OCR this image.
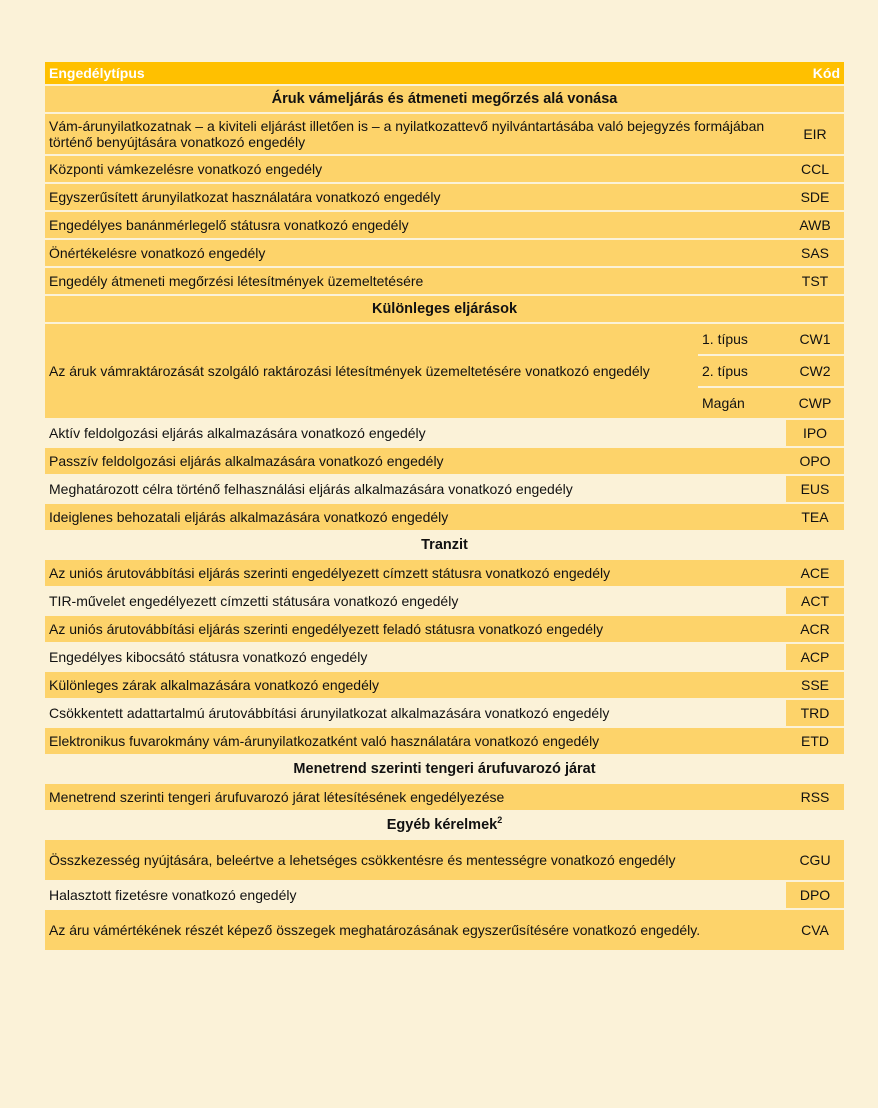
Engedélytípus		Kód
Áruk vámeljárás és átmeneti megőrzés alá vonása		
Vám-árunyilatkozatnak – a kiviteli eljárást illetően is – a nyilatkozattevő nyilvántartásába való bejegyzés formájában történő benyújtására vonatkozó engedély		EIR
Központi vámkezelésre vonatkozó engedély		CCL
Egyszerűsített árunyilatkozat használatára vonatkozó engedély		SDE
Engedélyes banánmérlegelő státusra vonatkozó engedély		AWB
Önértékelésre vonatkozó engedély		SAS
Engedély átmeneti megőrzési létesítmények üzemeltetésére		TST
Különleges eljárások		
Az áruk vámraktározását szolgáló raktározási létesítmények üzemeltetésére vonatkozó engedély	1. típus	CW1
	2. típus	CW2
	Magán	CWP
Aktív feldolgozási eljárás alkalmazására vonatkozó engedély		IPO
Passzív feldolgozási eljárás alkalmazására vonatkozó engedély		OPO
Meghatározott célra történő felhasználási eljárás alkalmazására vonatkozó engedély		EUS
Ideiglenes behozatali eljárás alkalmazására vonatkozó engedély		TEA
Tranzit		
Az uniós árutovábbítási eljárás szerinti engedélyezett címzett státusra vonatkozó engedély		ACE
TIR-művelet engedélyezett címzetti státusára vonatkozó engedély		ACT
Az uniós árutovábbítási eljárás szerinti engedélyezett feladó státusra vonatkozó engedély		ACR
Engedélyes kibocsátó státusra vonatkozó engedély		ACP
Különleges zárak alkalmazására vonatkozó engedély		SSE
Csökkentett adattartalmú árutovábbítási árunyilatkozat alkalmazására vonatkozó engedély		TRD
Elektronikus fuvarokmány vám-árunyilatkozatként való használatára vonatkozó engedély		ETD
Menetrend szerinti tengeri árufuvarozó járat		
Menetrend szerinti tengeri árufuvarozó járat létesítésének engedélyezése		RSS
Egyéb kérelmek$^2$
Összkezesség nyújtására, beleértve a lehetséges csökkentésre és mentességre vonatkozó engedély		CGU
Halasztott fizetésre vonatkozó engedély		DPO
Az áru vámértékének részét képező összegek meghatározásának egyszerűsítésére vonatkozó engedély.		CVA
